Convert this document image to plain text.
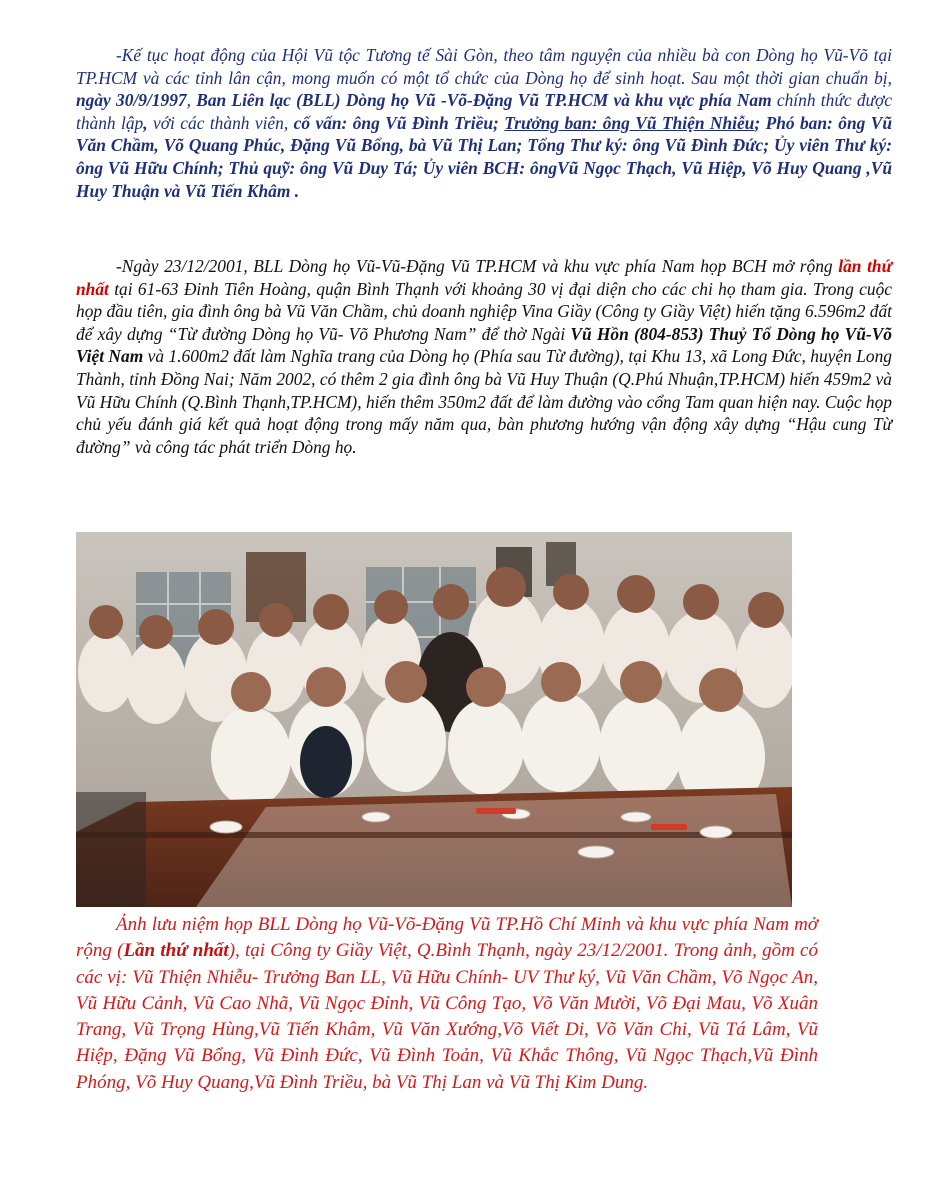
-Kế tục hoạt động của Hội Vũ tộc Tương tế Sài Gòn, theo tâm nguyện của nhiều bà con Dòng họ Vũ-Võ tại TP.HCM và các tỉnh lân cận, mong muốn có một tổ chức của Dòng họ để sinh hoạt. Sau một thời gian chuẩn bị, ngày 30/9/1997, Ban Liên lạc (BLL) Dòng họ Vũ -Võ-Đặng Vũ TP.HCM và khu vực phía Nam chính thức được thành lập, với các thành viên, cố vấn: ông Vũ Đình Triều; Trưởng ban: ông Vũ Thiện Nhiễu; Phó ban: ông Vũ Văn Chầm, Võ Quang Phúc, Đặng Vũ Bổng, bà Vũ Thị Lan; Tổng Thư ký: ông Vũ Đình Đức; Ủy viên Thư ký: ông Vũ Hữu Chính; Thủ quỹ: ông Vũ Duy Tá; Ủy viên BCH: ôngVũ Ngọc Thạch, Vũ Hiệp, Võ Huy Quang ,Vũ Huy Thuận và Vũ Tiến Khâm .

-Ngày 23/12/2001, BLL Dòng họ Vũ-Vũ-Đặng Vũ TP.HCM và khu vực phía Nam họp BCH mở rộng lần thứ nhất tại 61-63 Đinh Tiên Hoàng, quận Bình Thạnh với khoảng 30 vị đại diện cho các chi họ tham gia. Trong cuộc họp đầu tiên, gia đình ông bà Vũ Văn Chầm, chủ doanh nghiệp Vina Giầy (Công ty Giầy Việt) hiến tặng 6.596m2 đất để xây dựng “Từ đường Dòng họ Vũ- Võ Phương Nam” để thờ Ngài Vũ Hồn (804-853) Thuỷ Tổ Dòng họ Vũ-Võ Việt Nam và 1.600m2 đất làm Nghĩa trang của Dòng họ (Phía sau Từ đường), tại Khu 13, xã Long Đức, huyện Long Thành, tỉnh Đồng Nai; Năm 2002, có thêm 2 gia đình ông bà Vũ Huy Thuận (Q.Phú Nhuận,TP.HCM) hiến 459m2 và Vũ Hữu Chính (Q.Bình Thạnh,TP.HCM), hiến thêm 350m2 đất để làm đường vào cổng Tam quan hiện nay. Cuộc họp chủ yếu đánh giá kết quả hoạt động trong mấy năm qua, bàn phương hướng vận động xây dựng “Hậu cung Từ đường” và công tác phát triển Dòng họ.

Ảnh lưu niệm họp BLL Dòng họ Vũ-Võ-Đặng Vũ TP.Hồ Chí Minh và khu vực phía Nam mở rộng (Lần thứ nhất), tại Công ty Giầy Việt, Q.Bình Thạnh, ngày 23/12/2001. Trong ảnh, gồm có các vị: Vũ Thiện Nhiễu- Trưởng Ban LL, Vũ Hữu Chính- UV Thư ký, Vũ Văn Chầm, Võ Ngọc An, Vũ Hữu Cảnh, Vũ Cao Nhã, Vũ Ngọc Đỉnh, Vũ Công Tạo, Võ Văn Mười, Võ Đại Mau, Võ Xuân Trang, Vũ Trọng Hùng,Vũ Tiến Khâm, Vũ Văn Xướng,Võ Viết Di, Võ Văn Chi, Vũ Tá Lâm, Vũ Hiệp, Đặng Vũ Bổng, Vũ Đình Đức, Vũ Đình Toản, Vũ Khắc Thông, Vũ Ngọc Thạch,Vũ Đình Phóng, Võ Huy Quang,Vũ Đình Triều, bà Vũ Thị Lan và Vũ Thị Kim Dung.
